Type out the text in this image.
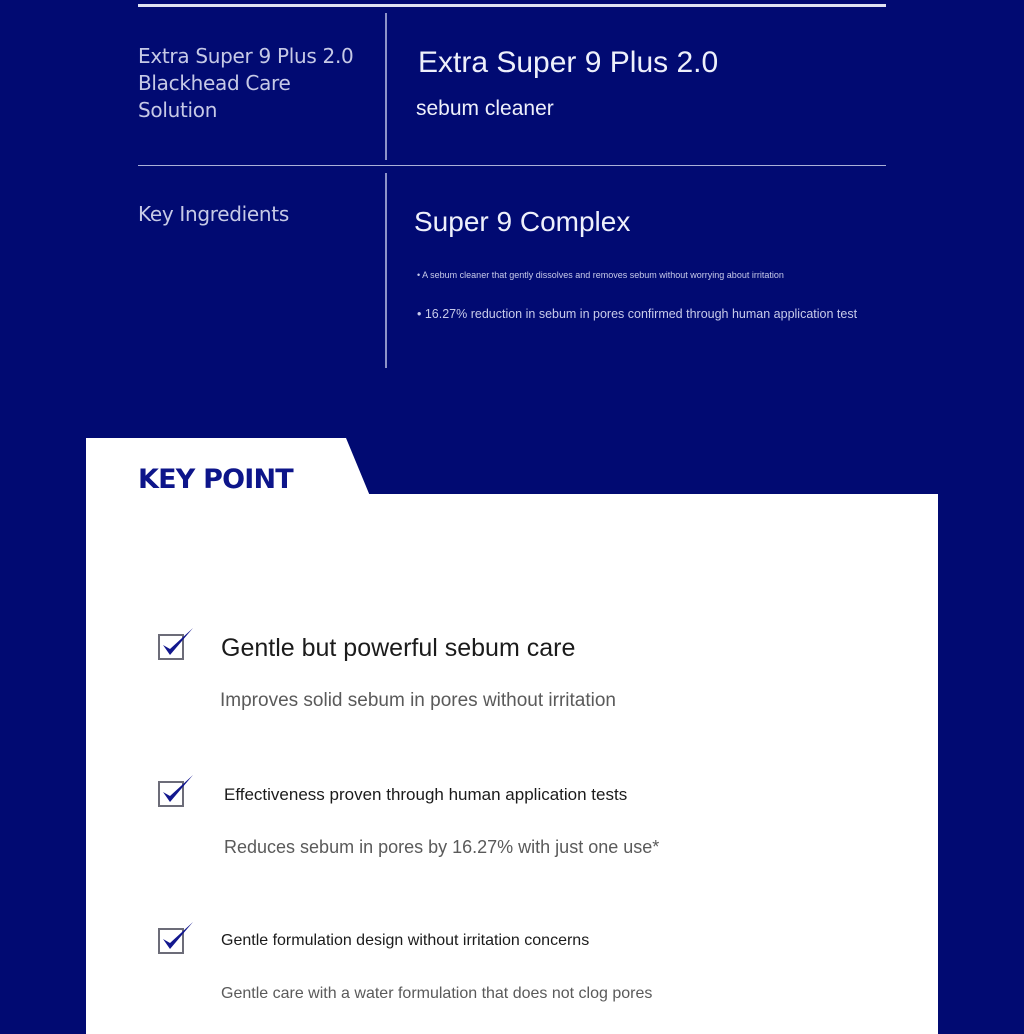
Extra Super 9 Plus 2.0
Blackhead Care
Solution
Extra Super 9 Plus 2.0
sebum cleaner
Key Ingredients	Super 9 Complex
• A sebum cleaner that gently dissolves and removes sebum without worrying about irritation
• 16.27% reduction in sebum in pores confirmed through human application test
KEY POINT
Gentle but powerful sebum care
Improves solid sebum in pores without irritation
Effectiveness proven through human application tests
Reduces sebum in pores by 16.27% with just one use*
Gentle formulation design without irritation concerns
Gentle care with a water formulation that does not clog pores
